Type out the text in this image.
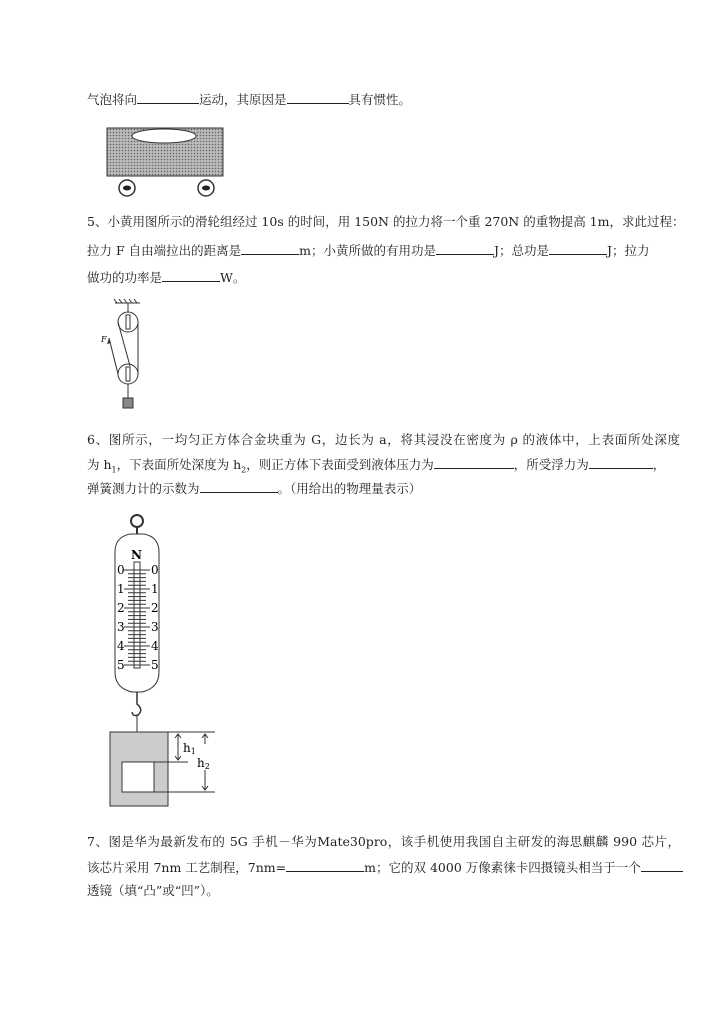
气泡将向	运动，其原因是	具有惯性。
5、小黄用图所示的滑轮组经过 10s 的时间，用 150N 的拉力将一个重 270N 的重物提高 1m，求此过程：
拉力 F 自由端拉出的距离是	m；小黄所做的有用功是	J；总功是	J；拉力
做功的功率是	W。
F
6、图所示，一均匀正方体合金块重为 G，边长为 a，将其浸没在密度为 ρ 的液体中，上表面所处深度
为 $h_1$，下表面所处深度为 $h_2$，则正方体下表面受到液体压力为	，所受浮力为	，
弹簧测力计的示数为	。（用给出的物理量表示）
N
0 0
1 1
2 2
3 3
4 4
5 5
h1
h2
7、图是华为最新发布的 5G 手机－华为Mate30pro，该手机使用我国自主研发的海思麒麟 990 芯片，
该芯片采用 7nm 工艺制程，7nm=	m；它的双 4000 万像素徕卡四摄镜头相当于一个
透镜（填“凸”或“凹”）。
